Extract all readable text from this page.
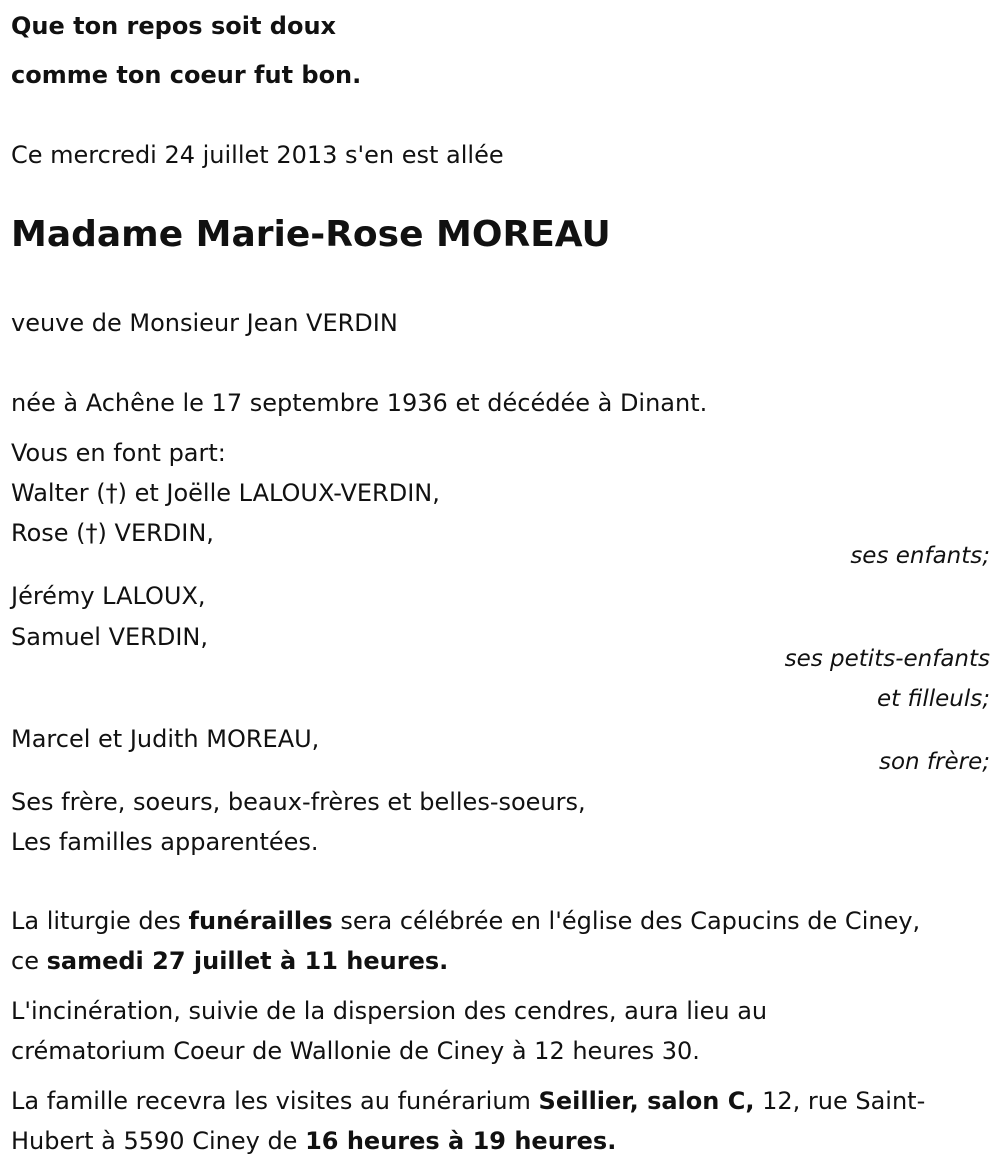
Que ton repos soit doux
comme ton coeur fut bon.
Ce mercredi 24 juillet 2013 s'en est allée
Madame Marie-Rose MOREAU
veuve de Monsieur Jean VERDIN
née à Achêne le 17 septembre 1936 et décédée à Dinant.
Vous en font part:
Walter (†) et Joëlle LALOUX-VERDIN,
Rose (†) VERDIN,
ses enfants;
Jérémy LALOUX,
Samuel VERDIN,
ses petits-enfants
et filleuls;
Marcel et Judith MOREAU,
son frère;
Ses frère, soeurs, beaux-frères et belles-soeurs,
Les familles apparentées.
La liturgie des funérailles sera célébrée en l'église des Capucins de Ciney,
ce samedi 27 juillet à 11 heures.
L'incinération, suivie de la dispersion des cendres, aura lieu au
crématorium Coeur de Wallonie de Ciney à 12 heures 30.
La famille recevra les visites au funérarium Seillier, salon C, 12, rue Saint-
Hubert à 5590 Ciney de 16 heures à 19 heures.
